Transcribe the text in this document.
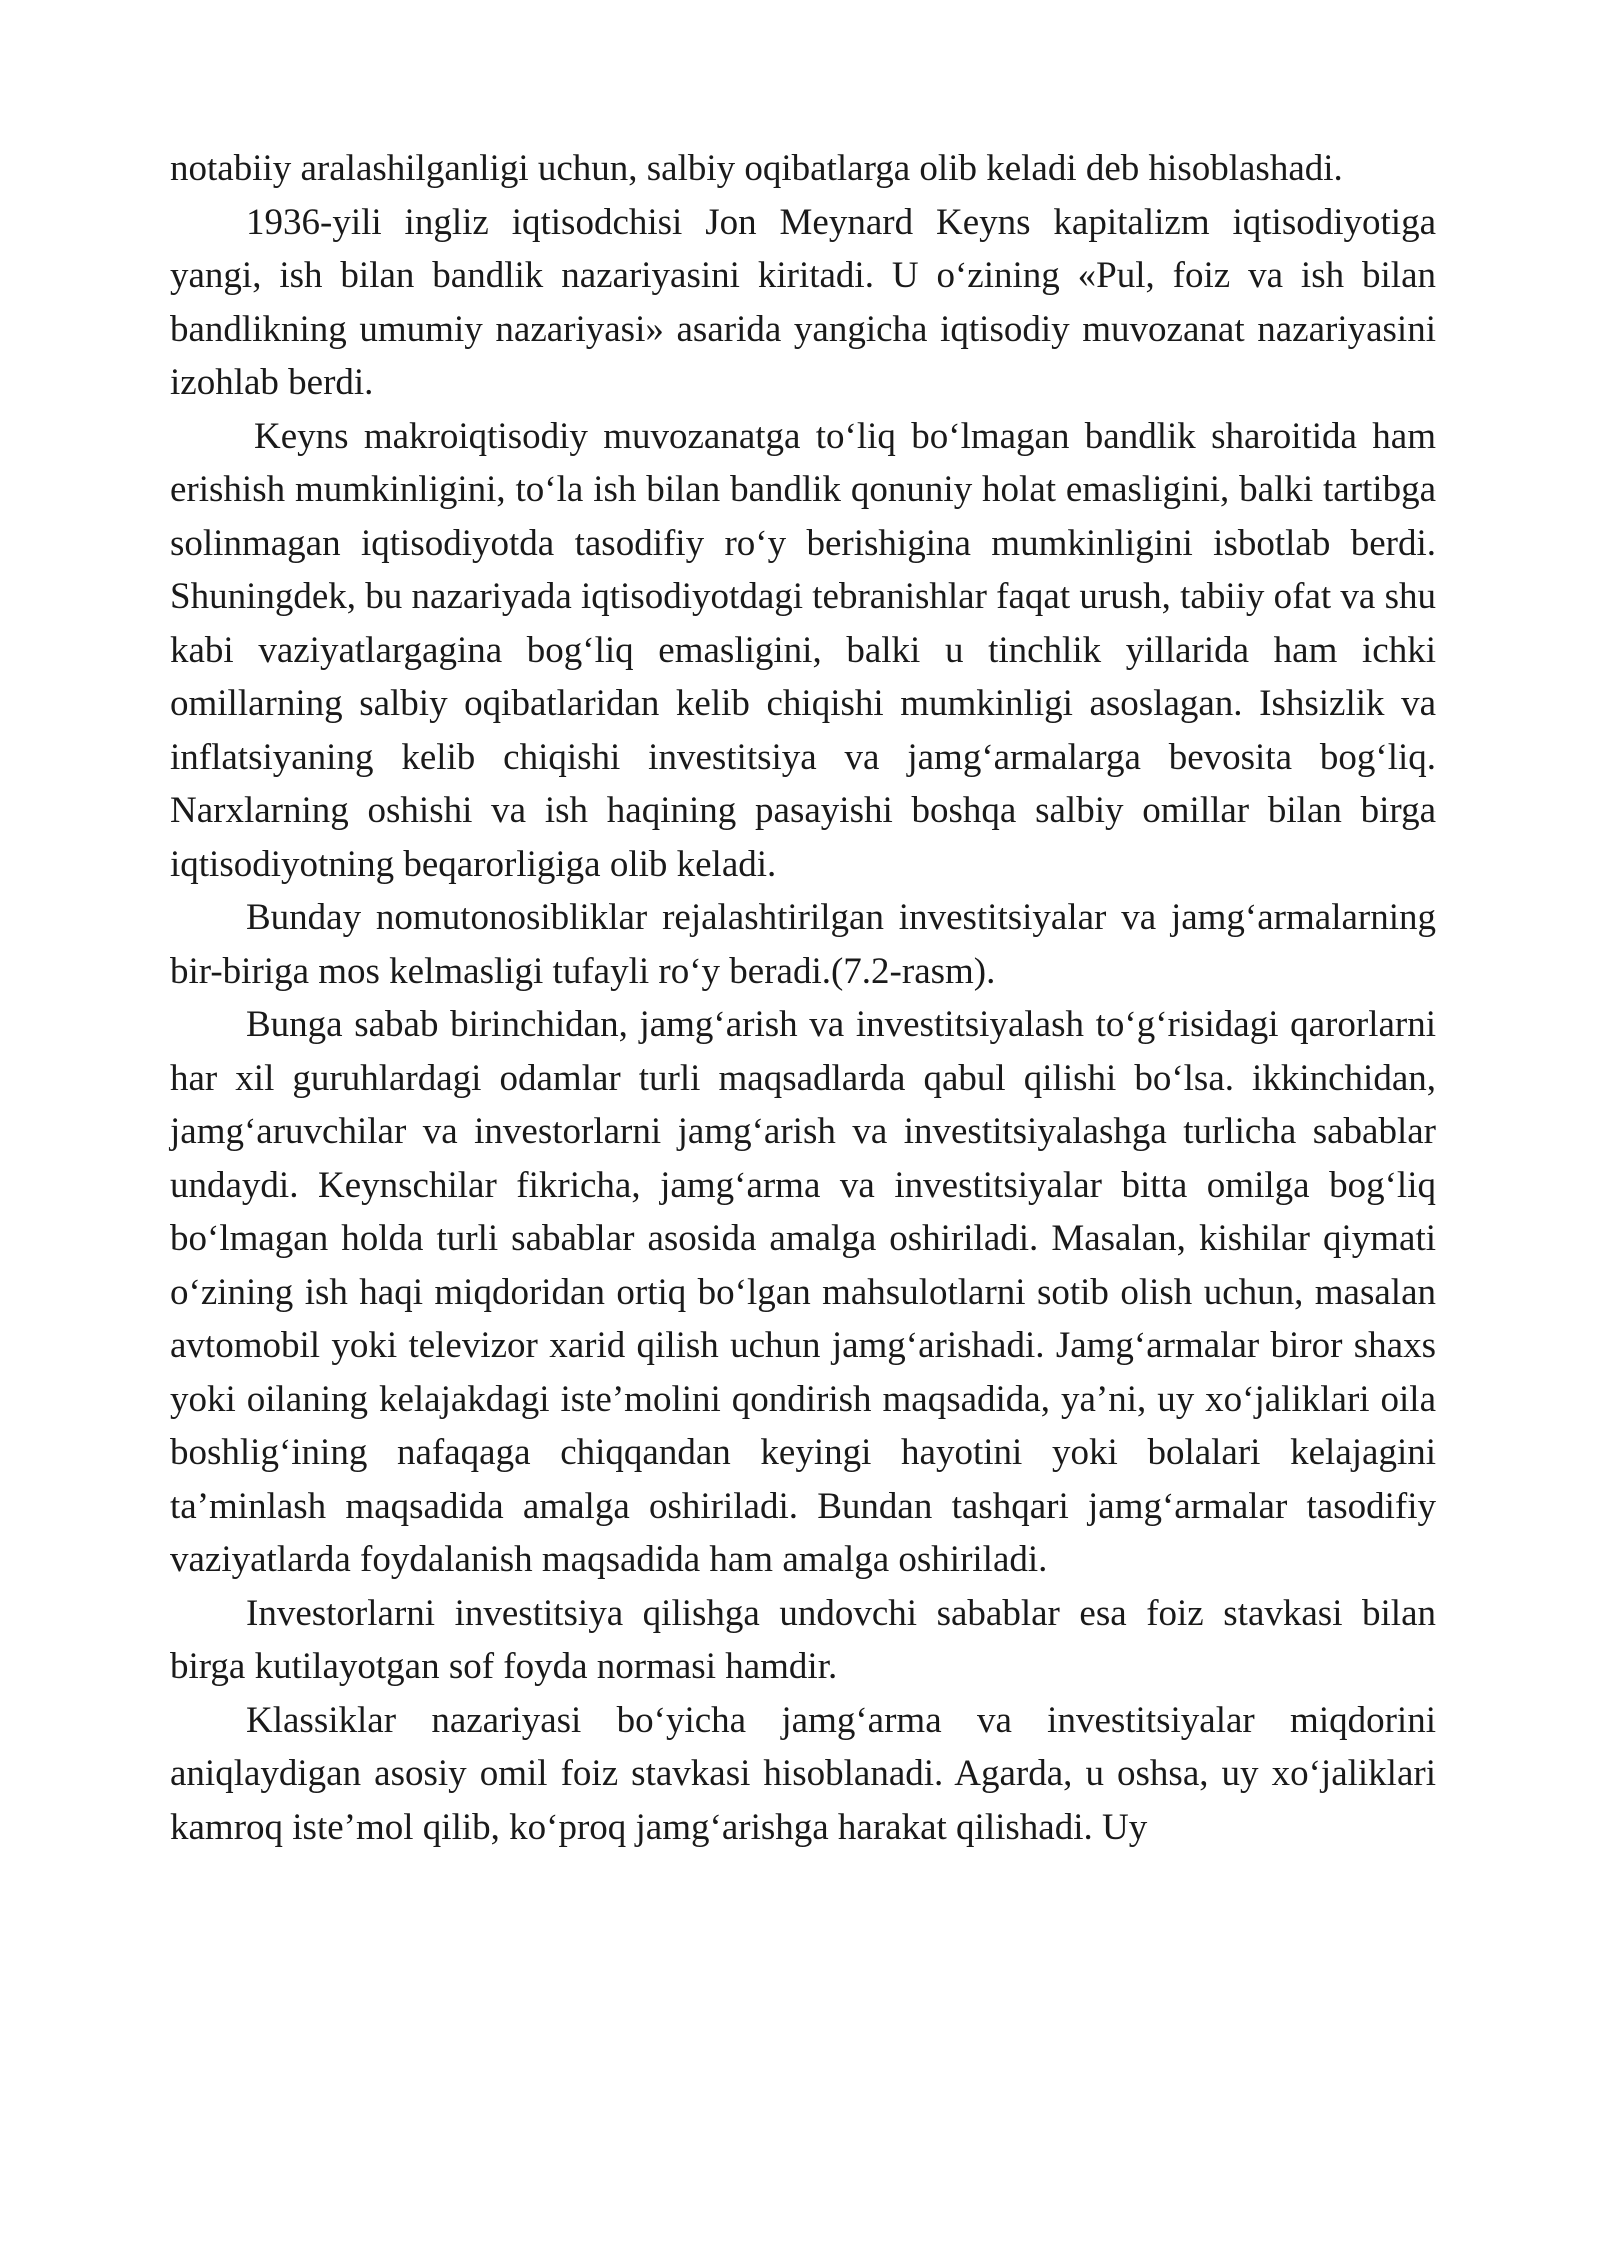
notabiiy aralashilganligi uchun, salbiy oqibatlarga olib keladi deb hisoblashadi.

1936-yili ingliz iqtisodchisi Jon Meynard Keyns kapitalizm iqtisodiyotiga yangi, ish bilan bandlik nazariyasini kiritadi. U o‘zining «Pul, foiz va ish bilan bandlikning umumiy nazariyasi» asarida yangicha iqtisodiy muvozanat nazariyasini izohlab berdi.

Keyns makroiqtisodiy muvozanatga to‘liq bo‘lmagan bandlik sharoitida ham erishish mumkinligini, to‘la ish bilan bandlik qonuniy holat emasligini, balki tartibga solinmagan iqtisodiyotda tasodifiy ro‘y berishigina mumkinligini isbotlab berdi. Shuningdek, bu nazariyada iqtisodiyotdagi tebranishlar faqat urush, tabiiy ofat va shu kabi vaziyatlargagina bog‘liq emasligini, balki u tinchlik yillarida ham ichki omillarning salbiy oqibatlaridan kelib chiqishi mumkinligi asoslagan. Ishsizlik va inflatsiyaning kelib chiqishi investitsiya va jamg‘armalarga bevosita bog‘liq. Narxlarning oshishi va ish haqining pasayishi boshqa salbiy omillar bilan birga iqtisodiyotning beqarorligiga olib keladi.

Bunday nomutonosibliklar rejalashtirilgan investitsiyalar va jamg‘armalarning bir-biriga mos kelmasligi tufayli ro‘y beradi.(7.2-rasm).

Bunga sabab birinchidan, jamg‘arish va investitsiyalash to‘g‘risidagi qarorlarni har xil guruhlardagi odamlar turli maqsadlarda qabul qilishi bo‘lsa. ikkinchidan, jamg‘aruvchilar va investorlarni jamg‘arish va investitsiyalashga turlicha sabablar undaydi. Keynschilar fikricha, jamg‘arma va investitsiyalar bitta omilga bog‘liq bo‘lmagan holda turli sabablar asosida amalga oshiriladi. Masalan, kishilar qiymati o‘zining ish haqi miqdoridan ortiq bo‘lgan mahsulotlarni sotib olish uchun, masalan avtomobil yoki televizor xarid qilish uchun jamg‘arishadi. Jamg‘armalar biror shaxs yoki oilaning kelajakdagi iste’molini qondirish maqsadida, ya’ni, uy xo‘jaliklari oila boshlig‘ining nafaqaga chiqqandan keyingi hayotini yoki bolalari kelajagini ta’minlash maqsadida amalga oshiriladi. Bundan tashqari jamg‘armalar tasodifiy vaziyatlarda foydalanish maqsadida ham amalga oshiriladi.

Investorlarni investitsiya qilishga undovchi sabablar esa foiz stavkasi bilan birga kutilayotgan sof foyda normasi hamdir.

Klassiklar nazariyasi bo‘yicha jamg‘arma va investitsiyalar miqdorini aniqlaydigan asosiy omil foiz stavkasi hisoblanadi. Agarda, u oshsa, uy xo‘jaliklari kamroq iste’mol qilib, ko‘proq jamg‘arishga harakat qilishadi. Uy
